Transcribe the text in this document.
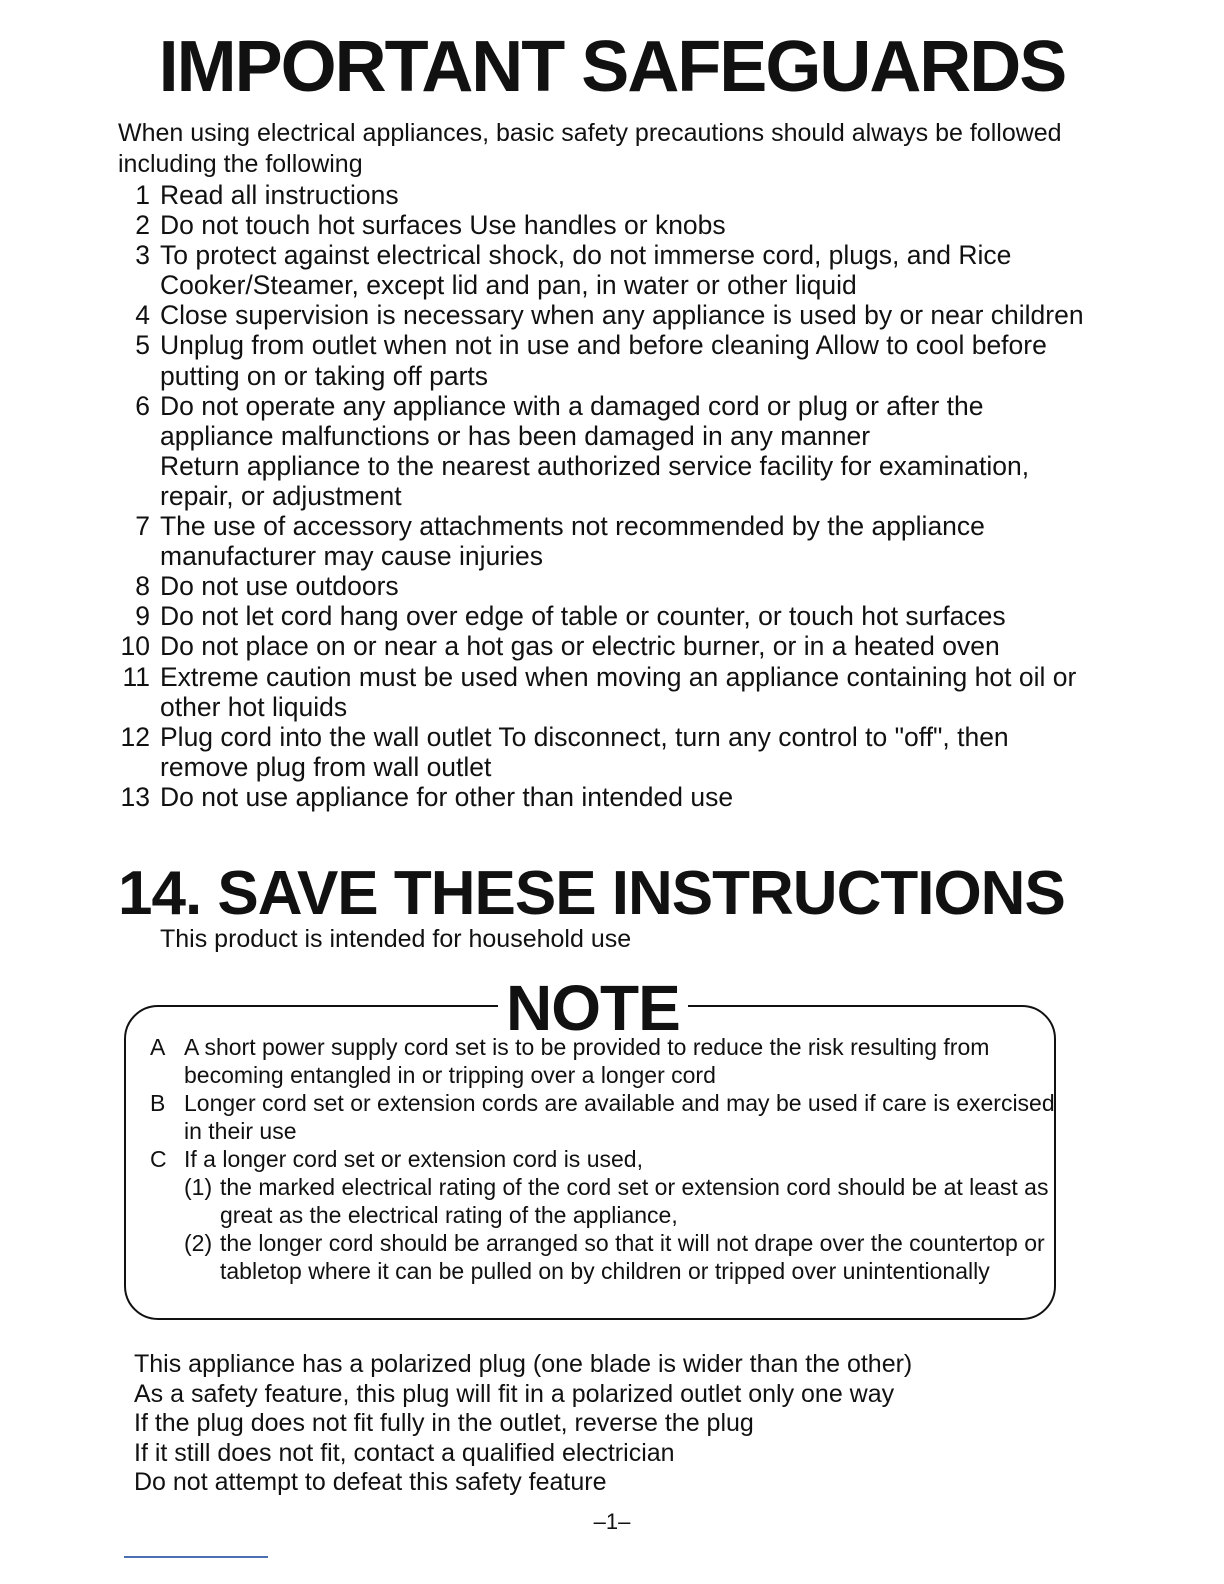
IMPORTANT SAFEGUARDS

When using electrical appliances, basic safety precautions should always be followed including the following

1 Read all instructions
2 Do not touch hot surfaces Use handles or knobs
3 To protect against electrical shock, do not immerse cord, plugs, and Rice Cooker/Steamer, except lid and pan, in water or other liquid
4 Close supervision is necessary when any appliance is used by or near children
5 Unplug from outlet when not in use and before cleaning Allow to cool before putting on or taking off parts
6 Do not operate any appliance with a damaged cord or plug or after the appliance malfunctions or has been damaged in any manner
Return appliance to the nearest authorized service facility for examination, repair, or adjustment
7 The use of accessory attachments not recommended by the appliance manufacturer may cause injuries
8 Do not use outdoors
9 Do not let cord hang over edge of table or counter, or touch hot surfaces
10 Do not place on or near a hot gas or electric burner, or in a heated oven
11 Extreme caution must be used when moving an appliance containing hot oil or other hot liquids
12 Plug cord into the wall outlet To disconnect, turn any control to "off", then remove plug from wall outlet
13 Do not use appliance for other than intended use
14. SAVE THESE INSTRUCTIONS

This product is intended for household use

NOTE
A A short power supply cord set is to be provided to reduce the risk resulting from becoming entangled in or tripping over a longer cord
B Longer cord set or extension cords are available and may be used if care is exercised in their use
C If a longer cord set or extension cord is used,
(1) the marked electrical rating of the cord set or extension cord should be at least as great as the electrical rating of the appliance,
(2) the longer cord should be arranged so that it will not drape over the countertop or tabletop where it can be pulled on by children or tripped over unintentionally

This appliance has a polarized plug (one blade is wider than the other)
As a safety feature, this plug will fit in a polarized outlet only one way
If the plug does not fit fully in the outlet, reverse the plug
If it still does not fit, contact a qualified electrician
Do not attempt to defeat this safety feature

–1–
